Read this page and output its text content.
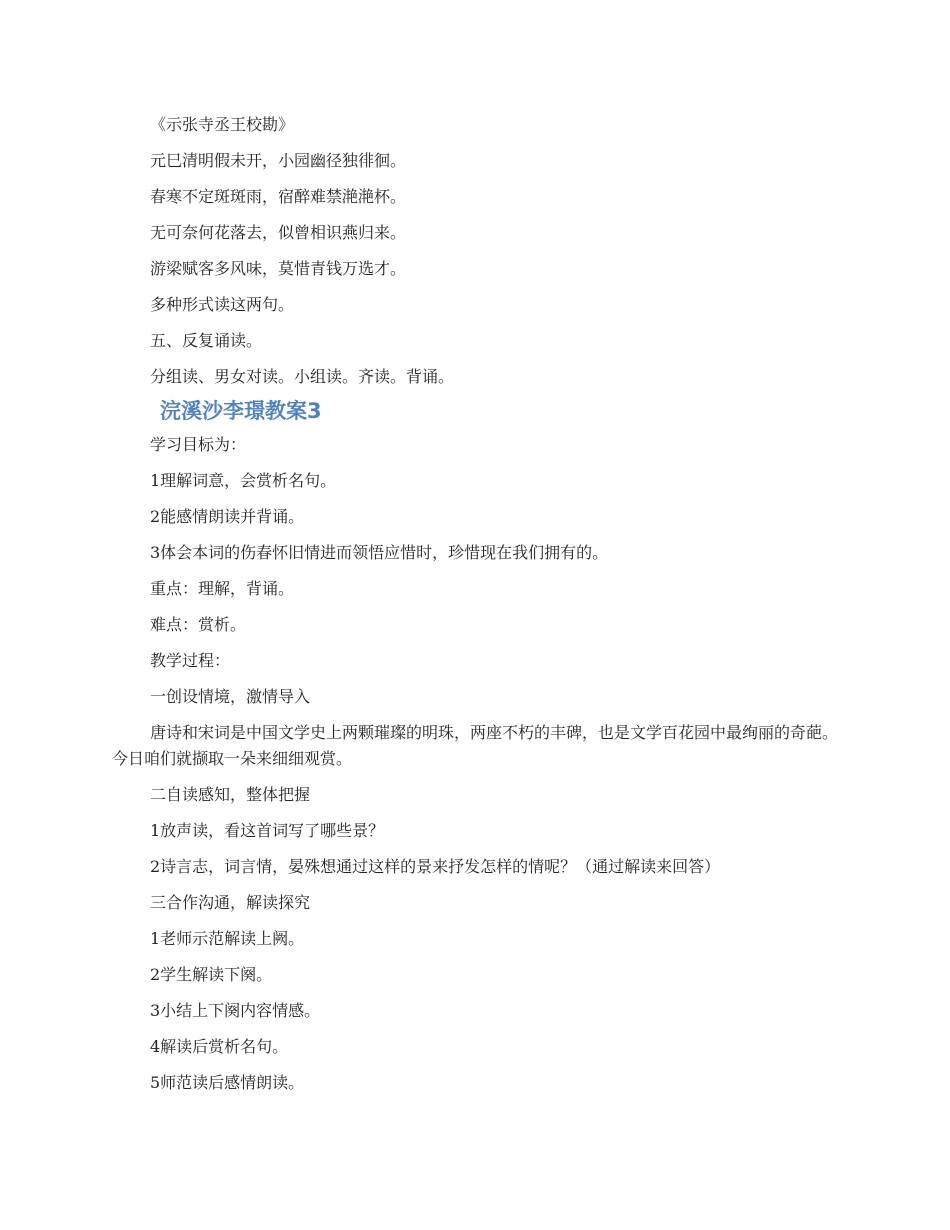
《示张寺丞王校勘》

元巳清明假未开，小园幽径独徘徊。

春寒不定斑斑雨，宿醉难禁滟滟杯。

无可奈何花落去，似曾相识燕归来。

游梁赋客多风味，莫惜青钱万选才。

多种形式读这两句。

五、反复诵读。

分组读、男女对读。小组读。齐读。背诵。

浣溪沙李璟教案3

学习目标为：

1理解词意，会赏析名句。

2能感情朗读并背诵。

3体会本词的伤春怀旧情进而领悟应惜时，珍惜现在我们拥有的。

重点：理解，背诵。

难点：赏析。

教学过程：

一创设情境，激情导入

唐诗和宋词是中国文学史上两颗璀璨的明珠，两座不朽的丰碑，也是文学百花园中最绚丽的奇葩。今日咱们就撷取一朵来细细观赏。

二自读感知，整体把握

1放声读，看这首词写了哪些景？

2诗言志，词言情，晏殊想通过这样的景来抒发怎样的情呢？（通过解读来回答）

三合作沟通，解读探究

1老师示范解读上阙。

2学生解读下阕。

3小结上下阕内容情感。

4解读后赏析名句。

5师范读后感情朗读。
